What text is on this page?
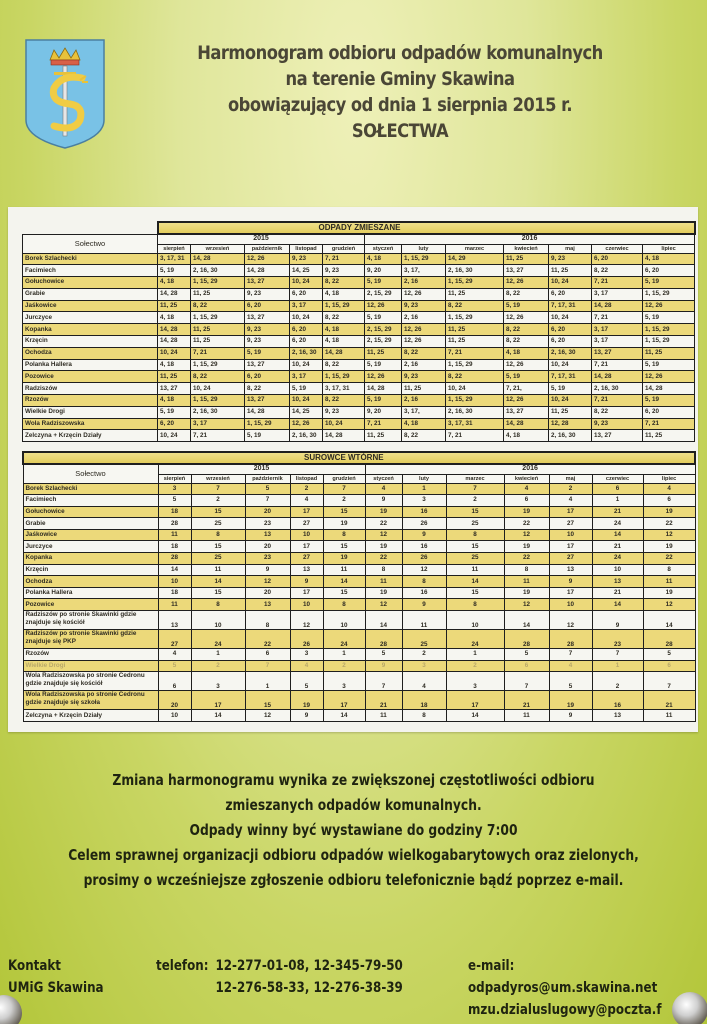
Harmonogram odbioru odpadów komunalnych
na terenie Gminy Skawina
obowiązujący od dnia 1 sierpnia 2015 r.
SOŁECTWA
	ODPADY ZMIESZANE											
Sołectwo	2015					2016						
	sierpień	wrzesień	październik	listopad	grudzień	styczeń	luty	marzec	kwiecień	maj	czerwiec	lipiec
Borek Szlachecki	3, 17, 31	14, 28	12, 26	9, 23	7, 21	4, 18	1, 15, 29	14, 29	11, 25	9, 23	6, 20	4, 18
Facimiech	5, 19	2, 16, 30	14, 28	14, 25	9, 23	9, 20	3, 17,	2, 16, 30	13, 27	11, 25	8, 22	6, 20
Gołuchowice	4, 18	1, 15, 29	13, 27	10, 24	8, 22	5, 19	2, 16	1, 15, 29	12, 26	10, 24	7, 21	5, 19
Grabie	14, 28	11, 25	9, 23	6, 20	4, 18	2, 15, 29	12, 26	11, 25	8, 22	6, 20	3, 17	1, 15, 29
Jaśkowice	11, 25	8, 22	6, 20	3, 17	1, 15, 29	12, 26	9, 23	8, 22	5, 19	7, 17, 31	14, 28	12, 26
Jurczyce	4, 18	1, 15, 29	13, 27	10, 24	8, 22	5, 19	2, 16	1, 15, 29	12, 26	10, 24	7, 21	5, 19
Kopanka	14, 28	11, 25	9, 23	6, 20	4, 18	2, 15, 29	12, 26	11, 25	8, 22	6, 20	3, 17	1, 15, 29
Krzęcin	14, 28	11, 25	9, 23	6, 20	4, 18	2, 15, 29	12, 26	11, 25	8, 22	6, 20	3, 17	1, 15, 29
Ochodza	10, 24	7, 21	5, 19	2, 16, 30	14, 28	11, 25	8, 22	7, 21	4, 18	2, 16, 30	13, 27	11, 25
Polanka Hallera	4, 18	1, 15, 29	13, 27	10, 24	8, 22	5, 19	2, 16	1, 15, 29	12, 26	10, 24	7, 21	5, 19
Pozowice	11, 25	8, 22	6, 20	3, 17	1, 15, 29	12, 26	9, 23	8, 22	5, 19	7, 17, 31	14, 28	12, 26
Radziszów	13, 27	10, 24	8, 22	5, 19	3, 17, 31	14, 28	11, 25	10, 24	7, 21,	5, 19	2, 16, 30	14, 28
Rzozów	4, 18	1, 15, 29	13, 27	10, 24	8, 22	5, 19	2, 16	1, 15, 29	12, 26	10, 24	7, 21	5, 19
Wielkie Drogi	5, 19	2, 16, 30	14, 28	14, 25	9, 23	9, 20	3, 17,	2, 16, 30	13, 27	11, 25	8, 22	6, 20
Wola Radziszowska	6, 20	3, 17	1, 15, 29	12, 26	10, 24	7, 21	4, 18	3, 17, 31	14, 28	12, 28	9, 23	7, 21
Zelczyna + Krzęcin Działy	10, 24	7, 21	5, 19	2, 16, 30	14, 28	11, 25	8, 22	7, 21	4, 18	2, 16, 30	13, 27	11, 25
SUROWCE WTÓRNE												
Sołectwo	2015					2016						
	sierpień	wrzesień	październik	listopad	grudzień	styczeń	luty	marzec	kwiecień	maj	czerwiec	lipiec
Borek Szlachecki	3	7	5	2	7	4	1	7	4	2	6	4
Facimiech	5	2	7	4	2	9	3	2	6	4	1	6
Gołuchowice	18	15	20	17	15	19	16	15	19	17	21	19
Grabie	28	25	23	27	19	22	26	25	22	27	24	22
Jaśkowice	11	8	13	10	8	12	9	8	12	10	14	12
Jurczyce	18	15	20	17	15	19	16	15	19	17	21	19
Kopanka	28	25	23	27	19	22	26	25	22	27	24	22
Krzęcin	14	11	9	13	11	8	12	11	8	13	10	8
Ochodza	10	14	12	9	14	11	8	14	11	9	13	11
Polanka Hallera	18	15	20	17	15	19	16	15	19	17	21	19
Pozowice	11	8	13	10	8	12	9	8	12	10	14	12
Radziszów po stronie Skawinki gdzie znajduje się kościół	13	10	8	12	10	14	11	10	14	12	9	14
Radziszów po stronie Skawinki gdzie znajduje się PKP	27	24	22	26	24	28	25	24	28	28	23	28
Rzozów	4	1	6	3	1	5	2	1	5	7	7	5
Wielkie Drogi	5	2	7	4	2	9	3	2	6	4	1	6
Wola Radziszowska po stronie Cedronu gdzie znajduje się kościół	6	3	1	5	3	7	4	3	7	5	2	7
Wola Radziszowska po stronie Cedronu gdzie znajduje się szkoła	20	17	15	19	17	21	18	17	21	19	16	21
Zelczyna + Krzęcin Działy	10	14	12	9	14	11	8	14	11	9	13	11
Zmiana harmonogramu wynika ze zwiększonej częstotliwości odbioru
zmieszanych odpadów komunalnych.
Odpady winny być wystawiane do godziny 7:00
Celem sprawnej organizacji odbioru odpadów wielkogabarytowych oraz zielonych,
prosimy o wcześniejsze zgłoszenie odbioru telefonicznie bądź poprzez e-mail.
Kontakt
UMiG Skawina
telefon: 12-277-01-08, 12-345-79-50
12-276-58-33, 12-276-38-39
e-mail:
odpadyros@um.skawina.net
mzu.dzialuslugowy@poczta.f
